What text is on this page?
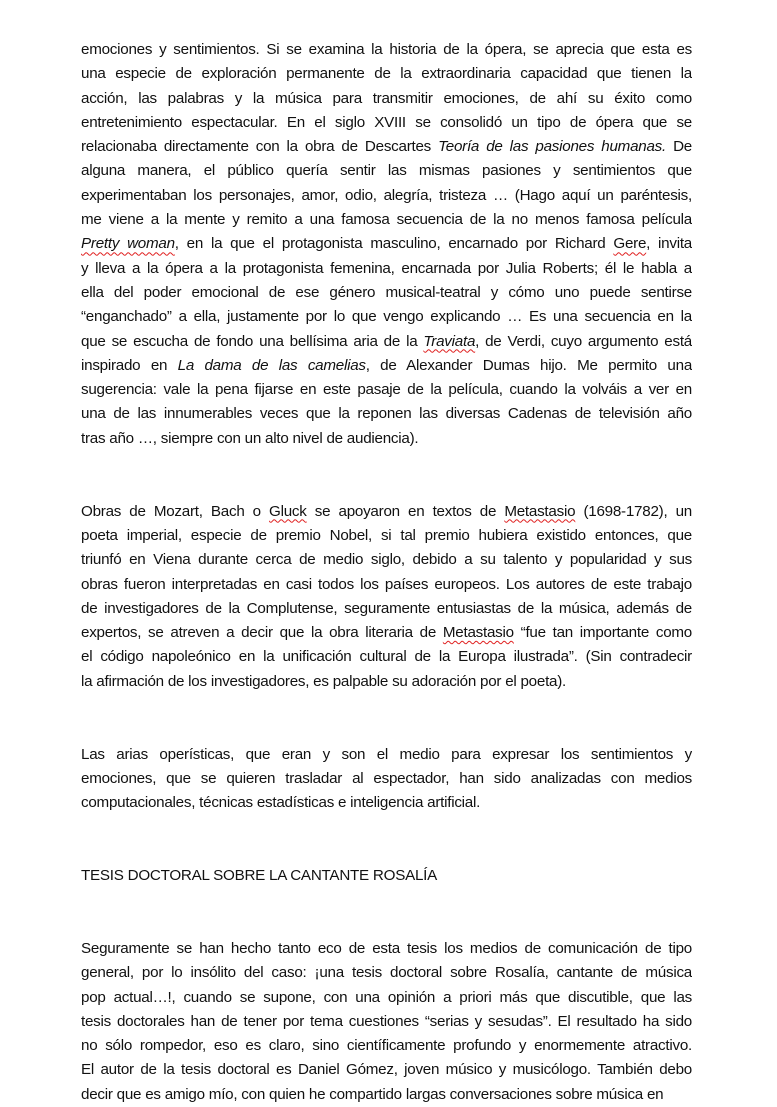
emociones y sentimientos. Si se examina la historia de la ópera, se aprecia que esta es
una especie de exploración permanente de la extraordinaria capacidad que tienen la
acción, las palabras y la música para transmitir emociones, de ahí su éxito como
entretenimiento espectacular. En el siglo XVIII se consolidó un tipo de ópera que se
relacionaba directamente con la obra de Descartes Teoría de las pasiones humanas. De
alguna manera, el público quería sentir las mismas pasiones y sentimientos que
experimentaban los personajes, amor, odio, alegría, tristeza … (Hago aquí un paréntesis,
me viene a la mente y remito a una famosa secuencia de la no menos famosa película
Pretty woman, en la que el protagonista masculino, encarnado por Richard Gere, invita
y lleva a la ópera a la protagonista femenina, encarnada por Julia Roberts; él le habla a
ella del poder emocional de ese género musical-teatral y cómo uno puede sentirse
“enganchado” a ella, justamente por lo que vengo explicando … Es una secuencia en la
que se escucha de fondo una bellísima aria de la Traviata, de Verdi, cuyo argumento está
inspirado en La dama de las camelias, de Alexander Dumas hijo. Me permito una
sugerencia: vale la pena fijarse en este pasaje de la película, cuando la volváis a ver en
una de las innumerables veces que la reponen las diversas Cadenas de televisión año
tras año …, siempre con un alto nivel de audiencia).
Obras de Mozart, Bach o Gluck se apoyaron en textos de Metastasio (1698-1782), un
poeta imperial, especie de premio Nobel, si tal premio hubiera existido entonces, que
triunfó en Viena durante cerca de medio siglo, debido a su talento y popularidad y sus
obras fueron interpretadas en casi todos los países europeos. Los autores de este trabajo
de investigadores de la Complutense, seguramente entusiastas de la música, además de
expertos, se atreven a decir que la obra literaria de Metastasio “fue tan importante como
el código napoleónico en la unificación cultural de la Europa ilustrada”. (Sin contradecir
la afirmación de los investigadores, es palpable su adoración por el poeta).
Las arias operísticas, que eran y son el medio para expresar los sentimientos y
emociones, que se quieren trasladar al espectador, han sido analizadas con medios
computacionales, técnicas estadísticas e inteligencia artificial.
TESIS DOCTORAL SOBRE LA CANTANTE ROSALÍA
Seguramente se han hecho tanto eco de esta tesis los medios de comunicación de tipo
general, por lo insólito del caso: ¡una tesis doctoral sobre Rosalía, cantante de música
pop actual…!, cuando se supone, con una opinión a priori más que discutible, que las
tesis doctorales han de tener por tema cuestiones “serias y sesudas”. El resultado ha sido
no sólo rompedor, eso es claro, sino científicamente profundo y enormemente atractivo.
El autor de la tesis doctoral es Daniel Gómez, joven músico y musicólogo. También debo
decir que es amigo mío, con quien he compartido largas conversaciones sobre música en
